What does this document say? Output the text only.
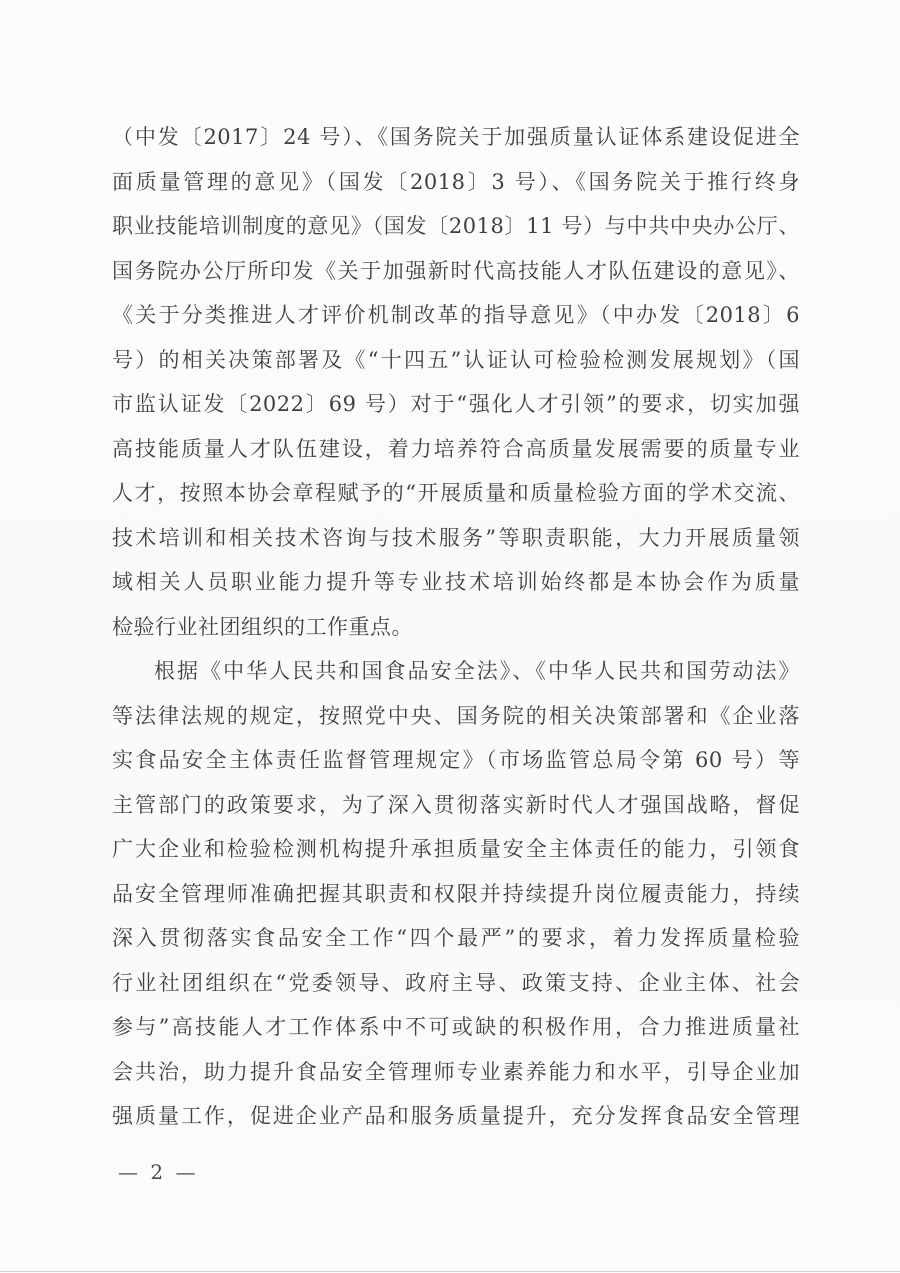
（中发〔2017〕24 号）、《国务院关于加强质量认证体系建设促进全
面质量管理的意见》（国发〔2018〕3 号）、《国务院关于推行终身
职业技能培训制度的意见》（国发〔2018〕11 号）与中共中央办公厅、
国务院办公厅所印发《关于加强新时代高技能人才队伍建设的意见》、
《关于分类推进人才评价机制改革的指导意见》（中办发〔2018〕6
号）的相关决策部署及《“十四五”认证认可检验检测发展规划》（国
市监认证发〔2022〕69 号）对于“强化人才引领”的要求，切实加强
高技能质量人才队伍建设，着力培养符合高质量发展需要的质量专业
人才，按照本协会章程赋予的“开展质量和质量检验方面的学术交流、
技术培训和相关技术咨询与技术服务”等职责职能，大力开展质量领
域相关人员职业能力提升等专业技术培训始终都是本协会作为质量
检验行业社团组织的工作重点。
根据《中华人民共和国食品安全法》、《中华人民共和国劳动法》
等法律法规的规定，按照党中央、国务院的相关决策部署和《企业落
实食品安全主体责任监督管理规定》（市场监管总局令第 60 号）等
主管部门的政策要求，为了深入贯彻落实新时代人才强国战略，督促
广大企业和检验检测机构提升承担质量安全主体责任的能力，引领食
品安全管理师准确把握其职责和权限并持续提升岗位履责能力，持续
深入贯彻落实食品安全工作“四个最严”的要求，着力发挥质量检验
行业社团组织在“党委领导、政府主导、政策支持、企业主体、社会
参与”高技能人才工作体系中不可或缺的积极作用，合力推进质量社
会共治，助力提升食品安全管理师专业素养能力和水平，引导企业加
强质量工作，促进企业产品和服务质量提升，充分发挥食品安全管理
— 2 —
